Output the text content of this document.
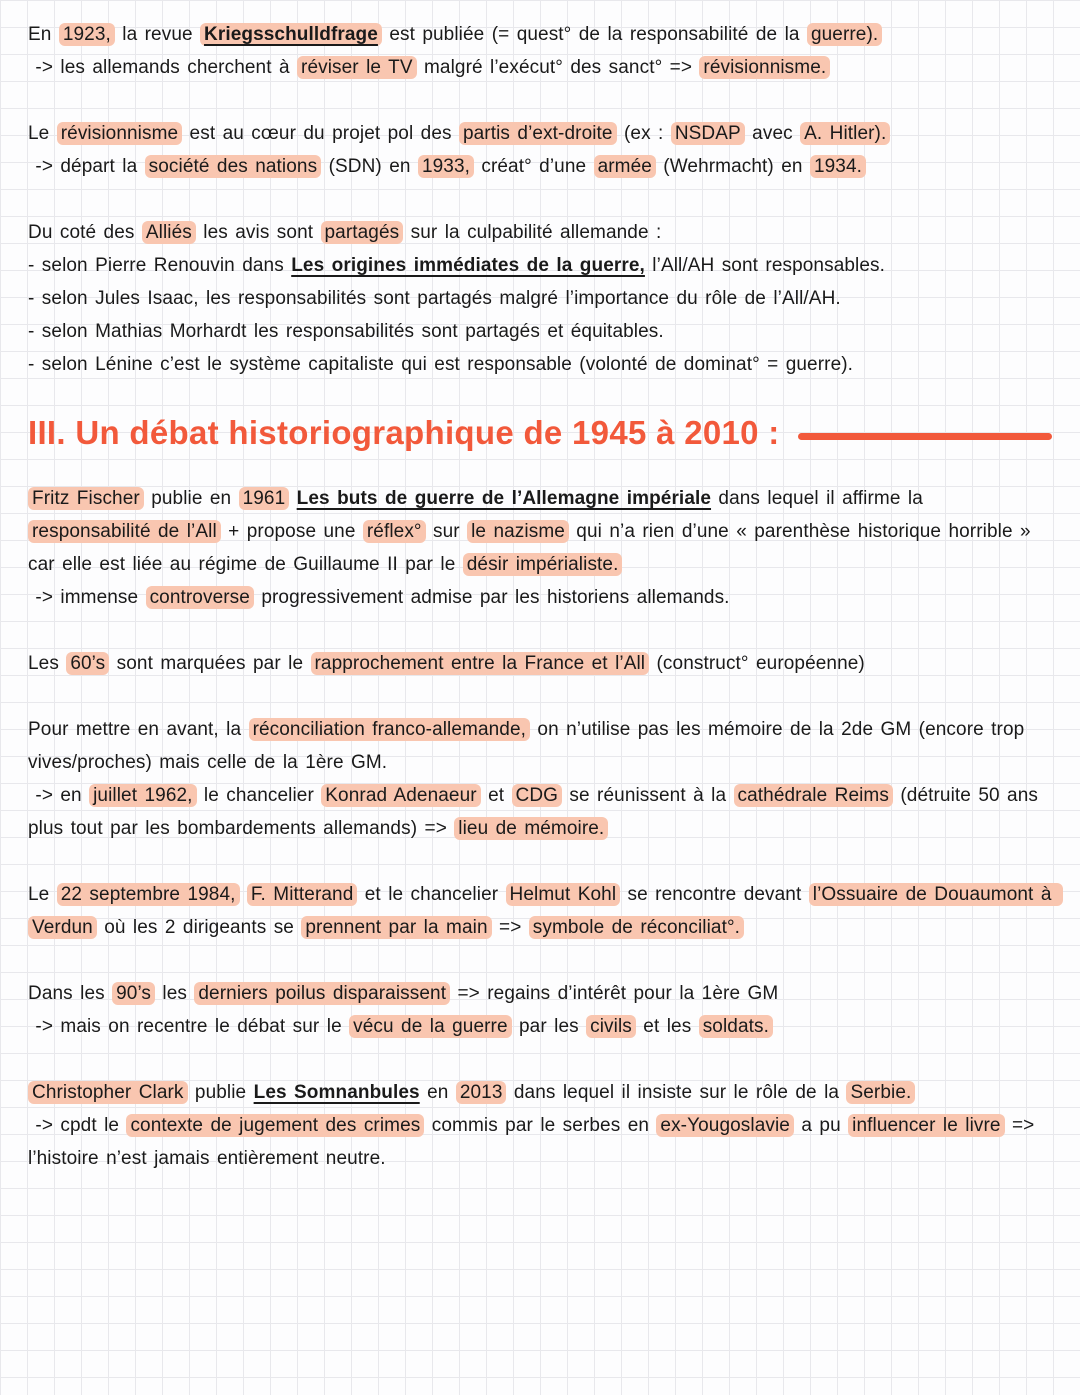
En 1923, la revue Kriegsschulldfrage est publiée (= quest° de la responsabilité de la guerre).
-> les allemands cherchent à réviser le TV malgré l’exécut° des sanct° => révisionnisme.
Le révisionnisme est au cœur du projet pol des partis d’ext-droite (ex : NSDAP avec A. Hitler).
-> départ la société des nations (SDN) en 1933, créat° d’une armée (Wehrmacht) en 1934.
Du coté des Alliés les avis sont partagés sur la culpabilité allemande :
- selon Pierre Renouvin dans Les origines immédiates de la guerre, l’All/AH sont responsables.
- selon Jules Isaac, les responsabilités sont partagés malgré l’importance du rôle de l’All/AH.
- selon Mathias Morhardt les responsabilités sont partagés et équitables.
- selon Lénine c’est le système capitaliste qui est responsable (volonté de dominat° = guerre).
III. Un débat historiographique de 1945 à 2010 :
Fritz Fischer publie en 1961 Les buts de guerre de l’Allemagne impériale dans lequel il affirme la responsabilité de l’All + propose une réflex° sur le nazisme qui n’a rien d’une « parenthèse historique horrible » car elle est liée au régime de Guillaume II par le désir impérialiste.
-> immense controverse progressivement admise par les historiens allemands.
Les 60’s sont marquées par le rapprochement entre la France et l’All (construct° européenne)
Pour mettre en avant, la réconciliation franco-allemande, on n’utilise pas les mémoire de la 2de GM (encore trop vives/proches) mais celle de la 1ère GM.
-> en juillet 1962, le chancelier Konrad Adenaeur et CDG se réunissent à la cathédrale Reims (détruite 50 ans plus tout par les bombardements allemands) => lieu de mémoire.
Le 22 septembre 1984, F. Mitterand et le chancelier Helmut Kohl se rencontre devant l’Ossuaire de Douaumont à Verdun où les 2 dirigeants se prennent par la main => symbole de réconciliat°.
Dans les 90’s les derniers poilus disparaissent => regains d’intérêt pour la 1ère GM
-> mais on recentre le débat sur le vécu de la guerre par les civils et les soldats.
Christopher Clark publie Les Somnanbules en 2013 dans lequel il insiste sur le rôle de la Serbie.
-> cpdt le contexte de jugement des crimes commis par le serbes en ex-Yougoslavie a pu influencer le livre => l’histoire n’est jamais entièrement neutre.
